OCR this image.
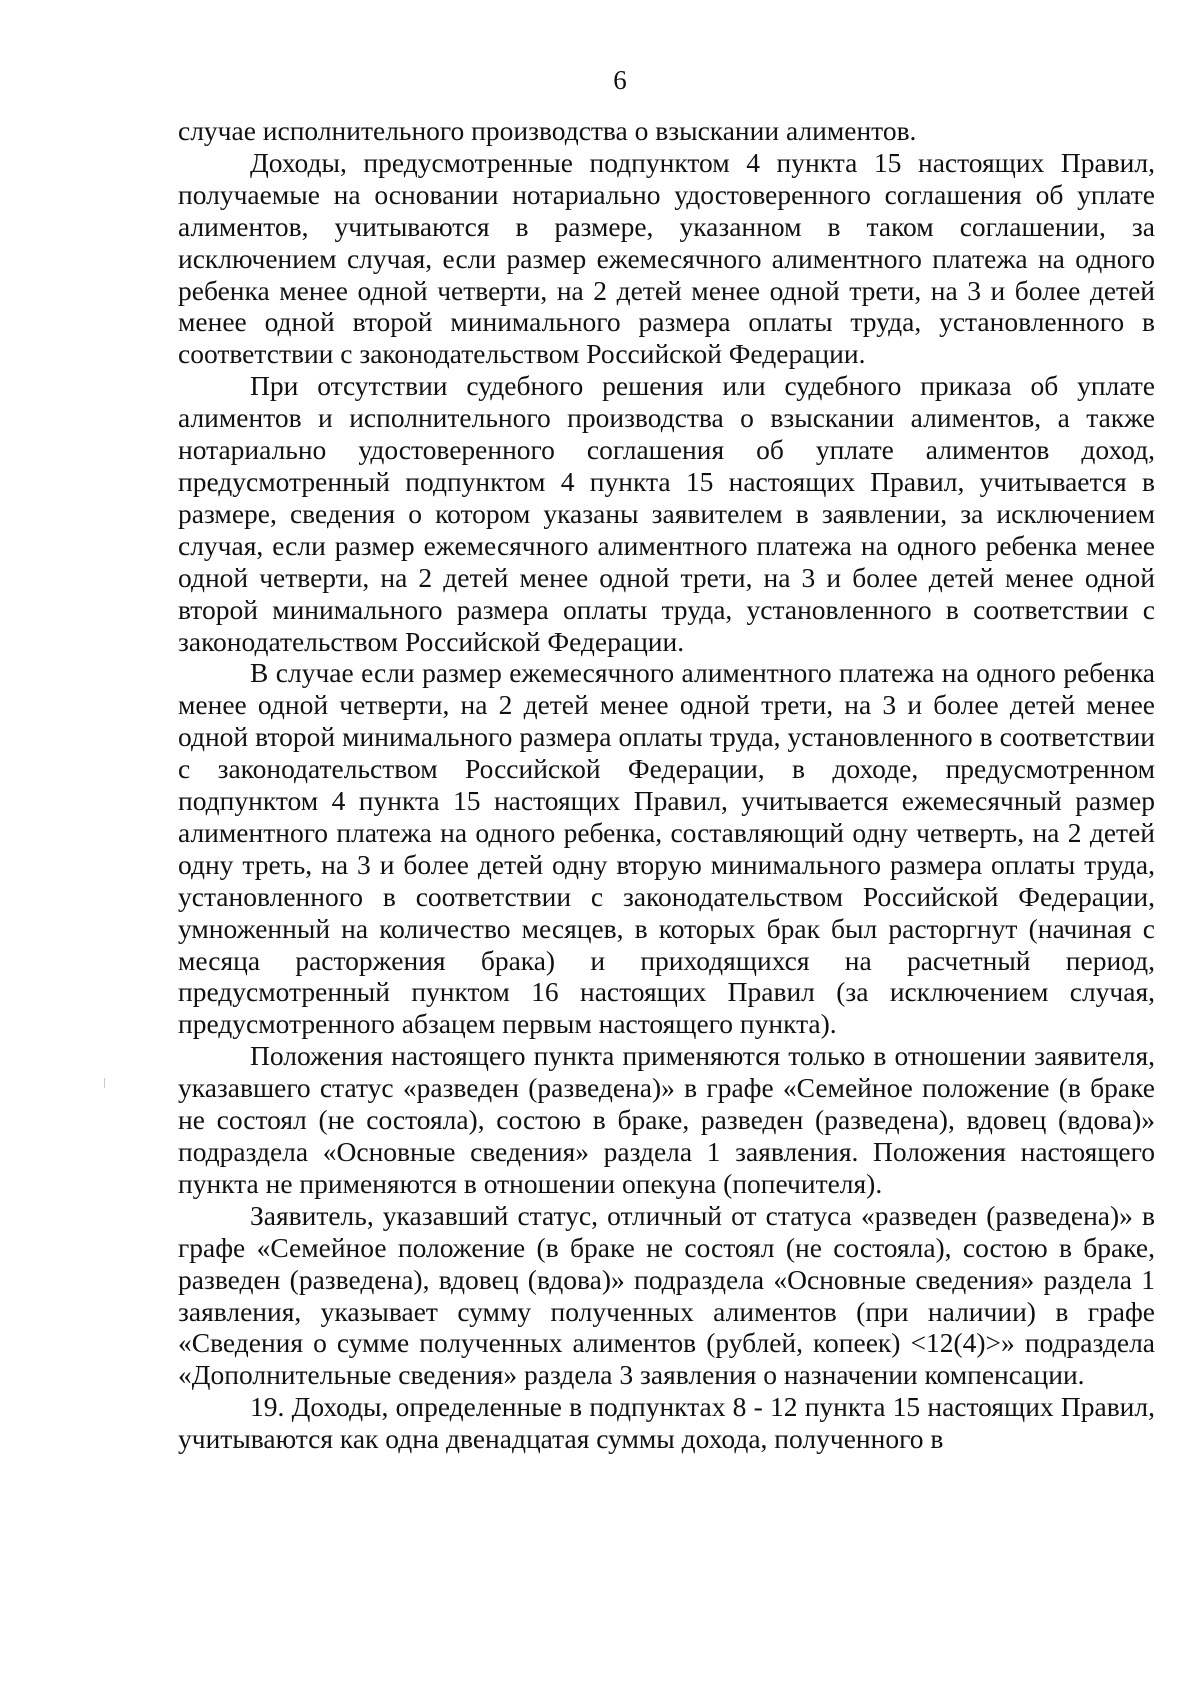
6

случае исполнительного производства о взыскании алиментов.

Доходы, предусмотренные подпунктом 4 пункта 15 настоящих Правил, получаемые на основании нотариально удостоверенного соглашения об уплате алиментов, учитываются в размере, указанном в таком соглашении, за исключением случая, если размер ежемесячного алиментного платежа на одного ребенка менее одной четверти, на 2 детей менее одной трети, на 3 и более детей менее одной второй минимального размера оплаты труда, установленного в соответствии с законодательством Российской Федерации.

При отсутствии судебного решения или судебного приказа об уплате алиментов и исполнительного производства о взыскании алиментов, а также нотариально удостоверенного соглашения об уплате алиментов доход, предусмотренный подпунктом 4 пункта 15 настоящих Правил, учитывается в размере, сведения о котором указаны заявителем в заявлении, за исключением случая, если размер ежемесячного алиментного платежа на одного ребенка менее одной четверти, на 2 детей менее одной трети, на 3 и более детей менее одной второй минимального размера оплаты труда, установленного в соответствии с законодательством Российской Федерации.

В случае если размер ежемесячного алиментного платежа на одного ребенка менее одной четверти, на 2 детей менее одной трети, на 3 и более детей менее одной второй минимального размера оплаты труда, установленного в соответствии с законодательством Российской Федерации, в доходе, предусмотренном подпунктом 4 пункта 15 настоящих Правил, учитывается ежемесячный размер алиментного платежа на одного ребенка, составляющий одну четверть, на 2 детей одну треть, на 3 и более детей одну вторую минимального размера оплаты труда, установленного в соответствии с законодательством Российской Федерации, умноженный на количество месяцев, в которых брак был расторгнут (начиная с месяца расторжения брака) и приходящихся на расчетный период, предусмотренный пунктом 16 настоящих Правил (за исключением случая, предусмотренного абзацем первым настоящего пункта).

Положения настоящего пункта применяются только в отношении заявителя, указавшего статус «разведен (разведена)» в графе «Семейное положение (в браке не состоял (не состояла), состою в браке, разведен (разведена), вдовец (вдова)» подраздела «Основные сведения» раздела 1 заявления. Положения настоящего пункта не применяются в отношении опекуна (попечителя).

Заявитель, указавший статус, отличный от статуса «разведен (разведена)» в графе «Семейное положение (в браке не состоял (не состояла), состою в браке, разведен (разведена), вдовец (вдова)» подраздела «Основные сведения» раздела 1 заявления, указывает сумму полученных алиментов (при наличии) в графе «Сведения о сумме полученных алиментов (рублей, копеек) <12(4)>» подраздела «Дополнительные сведения» раздела 3 заявления о назначении компенсации.

19. Доходы, определенные в подпунктах 8 - 12 пункта 15 настоящих Правил, учитываются как одна двенадцатая суммы дохода, полученного в
